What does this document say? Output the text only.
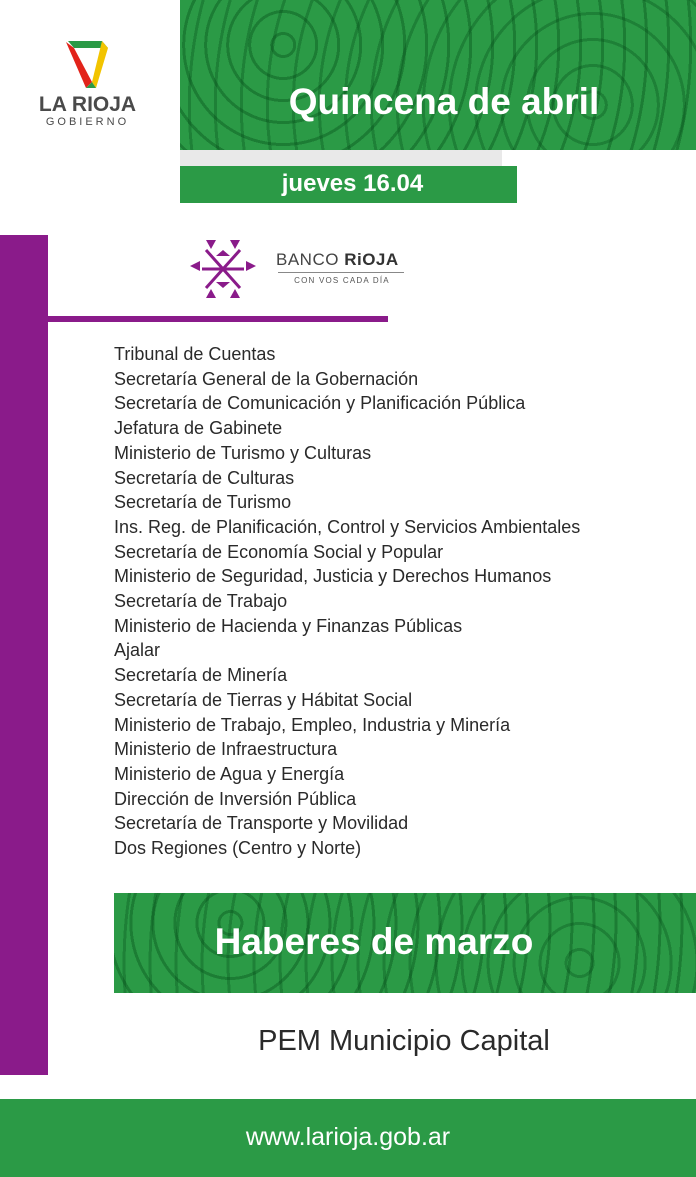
LA RIOJA
GOBIERNO	Quincena de abril
jueves 16.04
BANCO RiOJA
CON VOS CADA DÍA
Tribunal de Cuentas
Secretaría General de la Gobernación
Secretaría de Comunicación y Planificación Pública
Jefatura de Gabinete
Ministerio de Turismo y Culturas
Secretaría de Culturas
Secretaría de Turismo
Ins. Reg. de Planificación, Control y Servicios Ambientales
Secretaría de Economía Social y Popular
Ministerio de Seguridad, Justicia y Derechos Humanos
Secretaría de Trabajo
Ministerio de Hacienda y Finanzas Públicas
Ajalar
Secretaría de Minería
Secretaría de Tierras y Hábitat Social
Ministerio de Trabajo, Empleo, Industria y Minería
Ministerio de Infraestructura
Ministerio de Agua y Energía
Dirección de Inversión Pública
Secretaría de Transporte y Movilidad
Dos Regiones (Centro y Norte)
Haberes de marzo
PEM Municipio Capital
www.larioja.gob.ar
